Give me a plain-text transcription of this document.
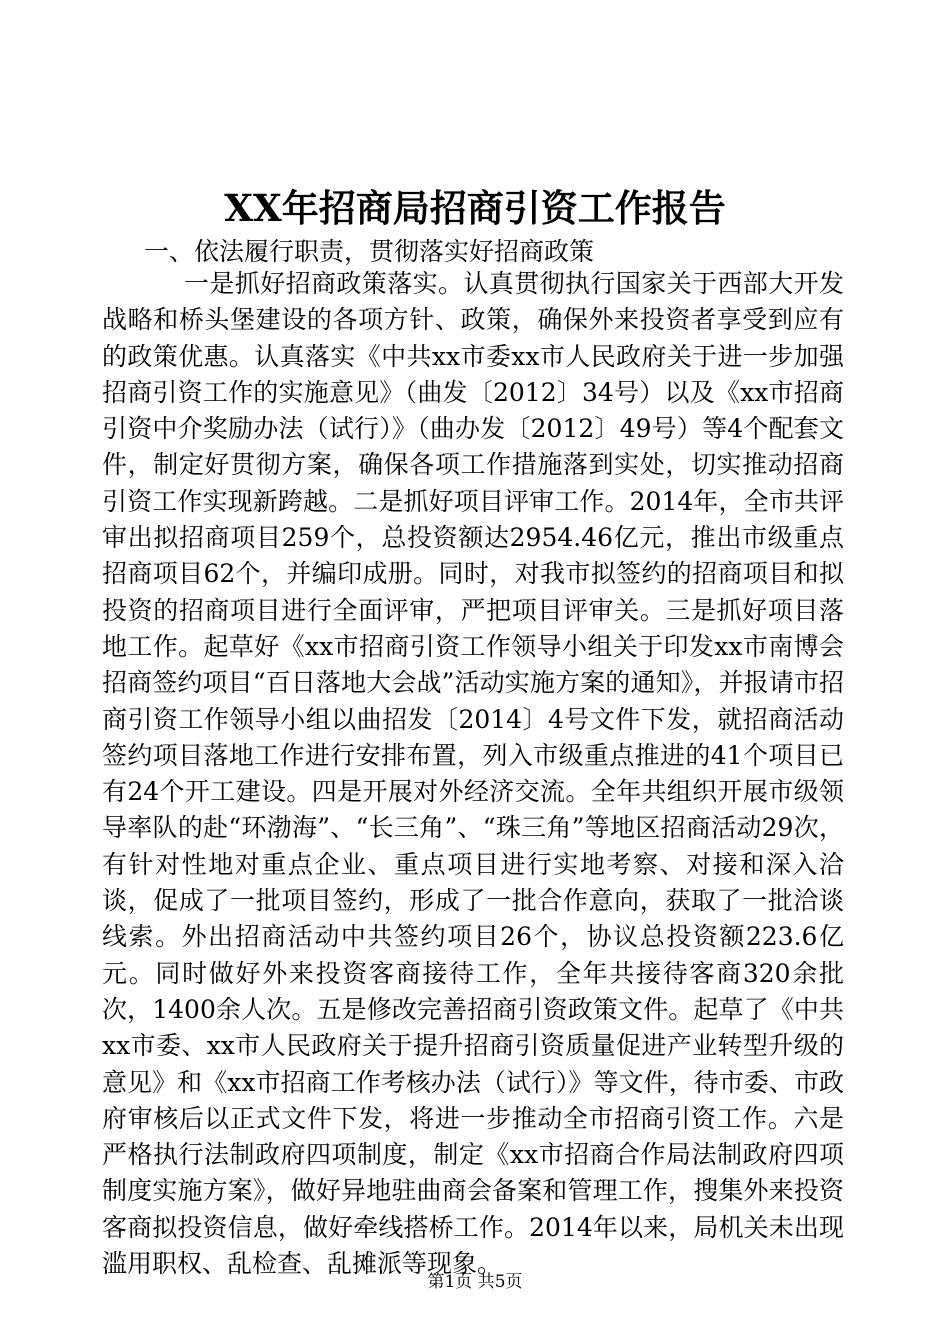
XX年招商局招商引资工作报告

一、依法履行职责，贯彻落实好招商政策

一是抓好招商政策落实。认真贯彻执行国家关于西部大开发战略和桥头堡建设的各项方针、政策，确保外来投资者享受到应有的政策优惠。认真落实《中共xx市委xx市人民政府关于进一步加强招商引资工作的实施意见》（曲发〔2012〕34号）以及《xx市招商引资中介奖励办法（试行）》（曲办发〔2012〕49号）等4个配套文件，制定好贯彻方案，确保各项工作措施落到实处，切实推动招商引资工作实现新跨越。二是抓好项目评审工作。2014年，全市共评审出拟招商项目259个，总投资额达2954.46亿元，推出市级重点招商项目62个，并编印成册。同时，对我市拟签约的招商项目和拟投资的招商项目进行全面评审，严把项目评审关。三是抓好项目落地工作。起草好《xx市招商引资工作领导小组关于印发xx市南博会招商签约项目“百日落地大会战”活动实施方案的通知》，并报请市招商引资工作领导小组以曲招发〔2014〕4号文件下发，就招商活动签约项目落地工作进行安排布置，列入市级重点推进的41个项目已有24个开工建设。四是开展对外经济交流。全年共组织开展市级领导率队的赴“环渤海”、“长三角”、“珠三角”等地区招商活动29次，有针对性地对重点企业、重点项目进行实地考察、对接和深入洽谈，促成了一批项目签约，形成了一批合作意向，获取了一批洽谈线索。外出招商活动中共签约项目26个，协议总投资额223.6亿元。同时做好外来投资客商接待工作，全年共接待客商320余批次，1400余人次。五是修改完善招商引资政策文件。起草了《中共xx市委、xx市人民政府关于提升招商引资质量促进产业转型升级的意见》和《xx市招商工作考核办法（试行）》等文件，待市委、市政府审核后以正式文件下发，将进一步推动全市招商引资工作。六是严格执行法制政府四项制度，制定《xx市招商合作局法制政府四项制度实施方案》，做好异地驻曲商会备案和管理工作，搜集外来投资客商拟投资信息，做好牵线搭桥工作。2014年以来，局机关未出现滥用职权、乱检查、乱摊派等现象。

第1页 共5页
